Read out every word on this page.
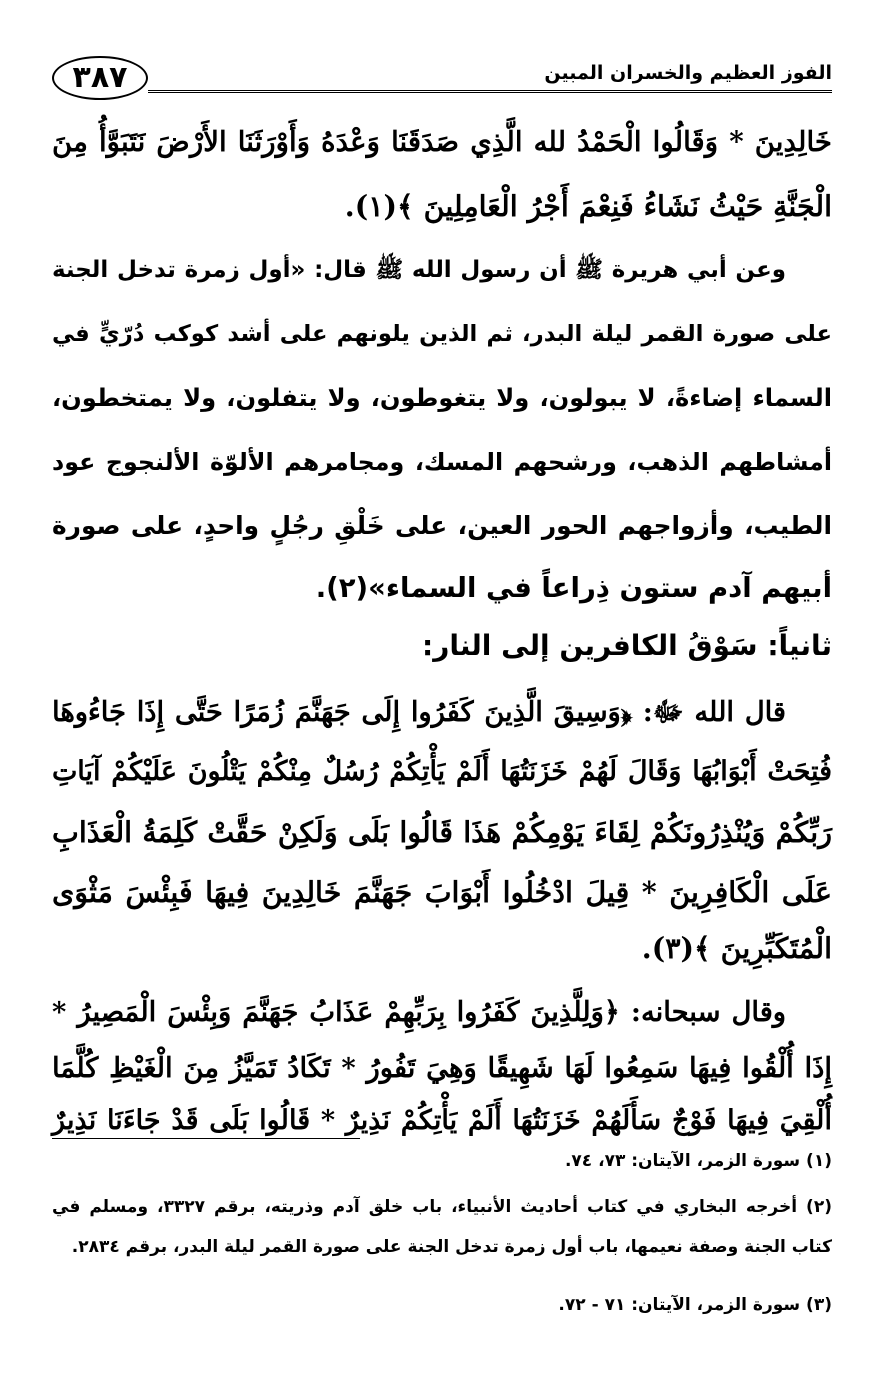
الفوز العظيم والخسران المبين
٣٨٧
خَالِدِينَ * وَقَالُوا الْحَمْدُ لله الَّذِي صَدَقَنَا وَعْدَهُ وَأَوْرَثَنَا الأَرْضَ نَتَبَوَّأُ مِنَ
الْجَنَّةِ حَيْثُ نَشَاءُ فَنِعْمَ أَجْرُ الْعَامِلِينَ ﴾(١).
وعن أبي هريرة ﷺ أن رسول الله ﷺ قال: «أول زمرة تدخل الجنة
على صورة القمر ليلة البدر، ثم الذين يلونهم على أشد كوكب دُرّيٍّ في
السماء إضاءةً، لا يبولون، ولا يتغوطون، ولا يتفلون، ولا يمتخطون،
أمشاطهم الذهب، ورشحهم المسك، ومجامرهم الألوّة الألنجوج عود
الطيب، وأزواجهم الحور العين، على خَلْقِ رجُلٍ واحدٍ، على صورة
أبيهم آدم ستون ذِراعاً في السماء»(٢).
ثانياً: سَوْقُ الكافرين إلى النار:
قال الله ﷻ: ﴿وَسِيقَ الَّذِينَ كَفَرُوا إِلَى جَهَنَّمَ زُمَرًا حَتَّى إِذَا جَاءُوهَا
فُتِحَتْ أَبْوَابُهَا وَقَالَ لَهُمْ خَزَنَتُهَا أَلَمْ يَأْتِكُمْ رُسُلٌ مِنْكُمْ يَتْلُونَ عَلَيْكُمْ آيَاتِ
رَبِّكُمْ وَيُنْذِرُونَكُمْ لِقَاءَ يَوْمِكُمْ هَذَا قَالُوا بَلَى وَلَكِنْ حَقَّتْ كَلِمَةُ الْعَذَابِ
عَلَى الْكَافِرِينَ * قِيلَ ادْخُلُوا أَبْوَابَ جَهَنَّمَ خَالِدِينَ فِيهَا فَبِئْسَ مَثْوَى
الْمُتَكَبِّرِينَ ﴾(٣).
وقال سبحانه: ﴿وَلِلَّذِينَ كَفَرُوا بِرَبِّهِمْ عَذَابُ جَهَنَّمَ وَبِئْسَ الْمَصِيرُ *
إِذَا أُلْقُوا فِيهَا سَمِعُوا لَهَا شَهِيقًا وَهِيَ تَفُورُ * تَكَادُ تَمَيَّزُ مِنَ الْغَيْظِ كُلَّمَا
أُلْقِيَ فِيهَا فَوْجٌ سَأَلَهُمْ خَزَنَتُهَا أَلَمْ يَأْتِكُمْ نَذِيرٌ * قَالُوا بَلَى قَدْ جَاءَنَا نَذِيرٌ
(١) سورة الزمر، الآيتان: ٧٣، ٧٤.
(٢) أخرجه البخاري في كتاب أحاديث الأنبياء، باب خلق آدم وذريته، برقم ٣٣٢٧، ومسلم في
كتاب الجنة وصفة نعيمها، باب أول زمرة تدخل الجنة على صورة القمر ليلة البدر، برقم ٢٨٣٤.
(٣) سورة الزمر، الآيتان: ٧١ - ٧٢.
